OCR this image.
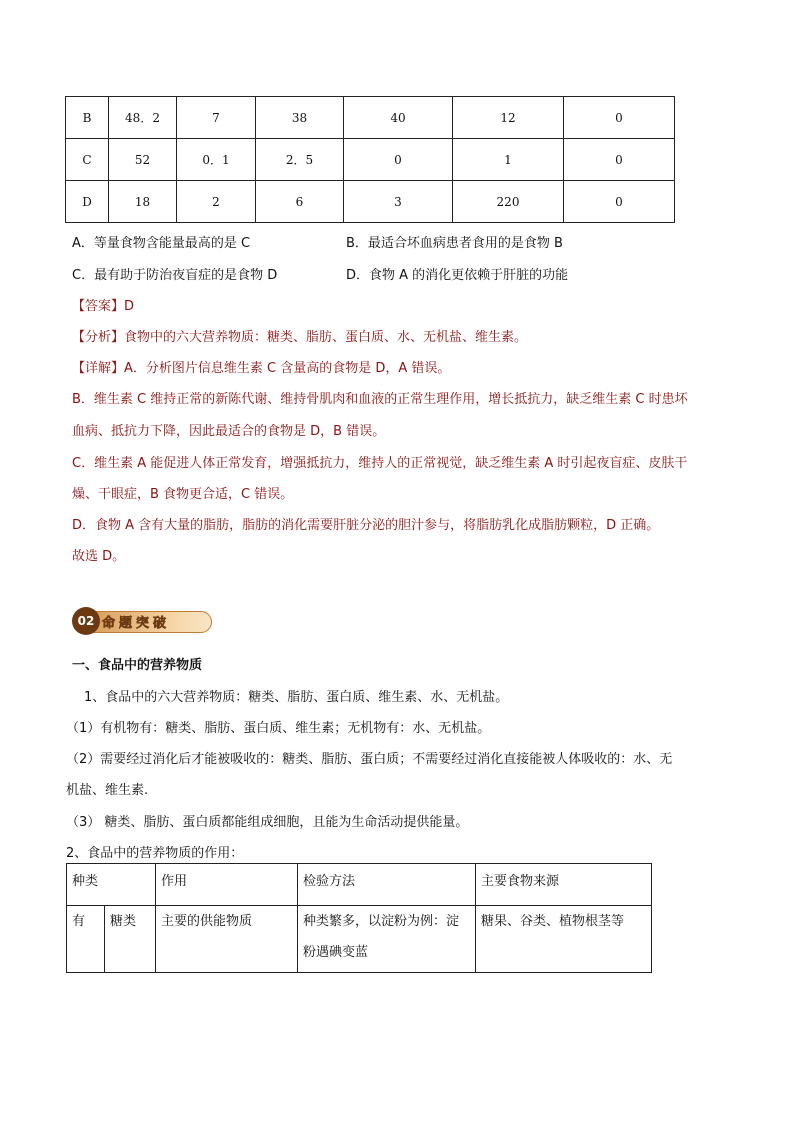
B	48．2	7	38	40	12	0
C	52	0．1	2．5	0	1	0
D	18	2	6	3	220	0
A．等量食物含能量最高的是 C	B．最适合坏血病患者食用的是食物 B
C．最有助于防治夜盲症的是食物 D	D．食物 A 的消化更依赖于肝脏的功能
【答案】D
【分析】食物中的六大营养物质：糖类、脂肪、蛋白质、水、无机盐、维生素。
【详解】A．分析图片信息维生素 C 含量高的食物是 D，A 错误。
B．维生素 C 维持正常的新陈代谢、维持骨肌肉和血液的正常生理作用，增长抵抗力，缺乏维生素 C 时患坏
血病、抵抗力下降，因此最适合的食物是 D，B 错误。
C．维生素 A 能促进人体正常发育，增强抵抗力，维持人的正常视觉，缺乏维生素 A 时引起夜盲症、皮肤干
燥、干眼症，B 食物更合适，C 错误。
D．食物 A 含有大量的脂肪，脂肪的消化需要肝脏分泌的胆汁参与，将脂肪乳化成脂肪颗粒，D 正确。
故选 D。
02 命题突破
一、食品中的营养物质
1、食品中的六大营养物质：糖类、脂肪、蛋白质、维生素、水、无机盐。
（1）有机物有：糖类、脂肪、蛋白质、维生素；无机物有：水、无机盐。
（2）需要经过消化后才能被吸收的：糖类、脂肪、蛋白质；不需要经过消化直接能被人体吸收的：水、无
机盐、维生素.
（3） 糖类、脂肪、蛋白质都能组成细胞，且能为生命活动提供能量。
2、食品中的营养物质的作用：
种类		作用	检验方法	主要食物来源
有	糖类	主要的供能物质	种类繁多，以淀粉为例：淀粉遇碘变蓝	糖果、谷类、植物根茎等
